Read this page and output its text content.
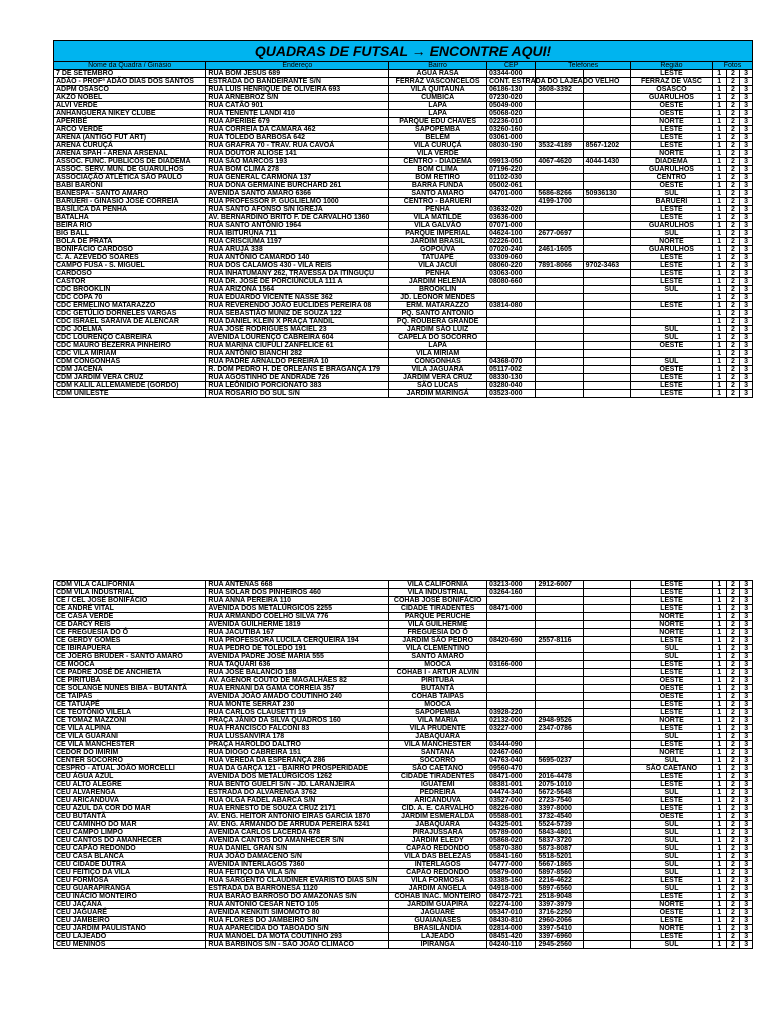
QUADRAS DE FUTSAL → ENCONTRE AQUI!									
Nome da Quadra / Ginásio	Endereço	Bairro	CEP	Telefones		Região	Fotos		
7 DE SETEMBRO	RUA BOM JESUS 689	AGUA RASA	03344-000			LESTE	1	2	3
ADÃO - PROFª ADÃO DIAS DOS SANTOS	ESTRADA DO BANDEIRANTE S/N	FERRAZ VASCONCELOS	CONT. ESTRADA DO LAJEADO VELHO			FERRAZ DE VASC	1	2	3
ADPM OSASCO	RUA LUIS HENRIQUE DE OLIVEIRA 693	VILA QUITAUNA	06186-130	3608-3392		OSASCO	1	2	3
AKZO NOBEL	RUA ARNEBROZ S/N	CUMBICA	07230-020			GUARULHOS	1	2	3
ALVI VERDE	RUA CATÃO 901	LAPA	05049-000			OESTE	1	2	3
ANHANGUERA NIKEY CLUBE	RUA TENENTE LANDI 410	LAPA	05068-020			OESTE	1	2	3
APERIBÉ	RUA APERIBÉ 679	PARQUE EDU CHAVES	02236-010			NORTE	1	2	3
ARCO VERDE	RUA CORREIA DA CAMARA 462	SAPOPEMBA	03260-160			LESTE	1	2	3
ARENA (ANTIGO FUT ART)	RUA TOLEDO BARBOSA 642	BELÉM	03061-000			LESTE	1	2	3
ARENA CURUÇÁ	RUA GRAFRA 70 - TRAV. RUA CAVOÁ	VILA CURUÇÁ	08030-190	3532-4189	8567-1202	LESTE	1	2	3
ARENA SPAH - ARENA ARSENAL	RUA DOUTOR ALIOSE 141	VILA VERDE				NORTE	1	2	3
ASSOC. FUNC. PUBLICOS DE DIADEMA	RUA SÃO MARCOS 193	CENTRO - DIADEMA	09913-050	4067-4620	4044-1430	DIADEMA	1	2	3
ASSOC. SERV. MUN. DE GUARULHOS	RUA BOM CLIMA 278	BOM CLIMA	07196-220			GUARULHOS	1	2	3
ASSOCIAÇÃO ATLÉTICA SÃO PAULO	RUA GENERAL CARMONA 137	BOM RETIRO	01102-030			CENTRO	1	2	3
BABI BARONI	RUA DONA GERMAINE BURCHARD 261	BARRA FUNDA	05002-061			OESTE	1	2	3
BANESPA - SANTO AMARO	AVENIDA SANTO AMARO 6366	SANTO AMARO	04701-000	5686-8266	50936130	SUL	1	2	3
BARUERI - GINASIO JOSÉ CORREIA	RUA PROFESSOR P. GUGLIELMO 1000	CENTRO - BARUERI		4199-1700		BARUERI	1	2	3
BASÍLICA DA PENHA	RUA SANTO AFONSO S/N IGREJA	PENHA	03632-020			LESTE	1	2	3
BATALHA	AV. BERNARDINO BRITO F. DE CARVALHO 1360	VILA MATILDE	03636-000			LESTE	1	2	3
BEIRA RIO	RUA SANTO ANTÔNIO 1964	VILA GALVÃO	07071-000			GUARULHOS	1	2	3
BIG BALL	RUA IBITURUNA 711	PARQUE IMPERIAL	04624-100	2677-0697		SUL	1	2	3
BOLA DE PRATA	RUA CRISCIÚMA 1197	JARDIM BRASIL	02226-001			NORTE	1	2	3
BONIFÁCIO CARDOSO	RUA ARUJÁ 338	GOPOÚVA	07020-240	2461-1605		GUARULHOS	1	2	3
C. A. AZEVEDO SOARES	RUA ANTÔNIO CAMARDO 140	TATUAPÉ	03309-060			LESTE	1	2	3
CAMPO FUSA - S. MIGUEL	RUA DOS CALAMOS 430 - VILA REIS	VILA JACUÍ	08060-220	7891-8066	9702-3463	LESTE	1	2	3
CARDOSO	RUA INHATUMANY 262, TRAVESSA DA ITINGUÇU	PENHA	03063-000			LESTE	1	2	3
CASTOR	RUA DR. JOSÉ DE PORCIÚNCULA 111 A	JARDIM HELENA	08080-660			LESTE	1	2	3
CDC BROOKLIN	RUA ARIZONA 1564	BROOKLIN				SUL	1	2	3
CDC COPA 70	RUA EDUARDO VICENTE NASSE 362	JD. LEONOR MENDES					1	2	3
CDC ERMELINO MATARAZZO	RUA REVERENDO JOÃO EUCLIDES PEREIRA 08	ERM. MATARAZZO	03814-080			LESTE	1	2	3
CDC GETÚLIO DORNELES VARGAS	RUA SEBASTIÃO MUNIZ DE SOUZA 122	PQ. SANTO ANTONIO					1	2	3
CDC ISRAEL SARAIVA DE ALENCAR	RUA DANIEL KLEIN X PRAÇA TANDIL	PQ. ROUBERA GRANDE					1	2	3
CDC JOELMA	RUA JOSÉ RODRIGUES MACIEL 23	JARDIM SÃO LUIZ				SUL	1	2	3
CDC LOURENÇO CABREIRA	AVENIDA LOURENÇO CABREIRA 604	CAPELA DO SOCORRO				SUL	1	2	3
CDC MAURO BEZERRA PINHEIRO	RUA MARINA CIUFULI ZANFELICE 61	LAPA				OESTE	1	2	3
CDC VILA MIRIAM	RUA ANTÔNIO BIANCHI 282	VILA MIRIAM					1	2	3
CDM CONGONHAS	RUA PADRE ARNALDO PEREIRA 10	CONGONHAS	04368-070			SUL	1	2	3
CDM JACENA	R. DOM PEDRO H. DE ORLEANS E BRAGANÇA 179	VILA JAGUARA	05117-002			OESTE	1	2	3
CDM JARDIM VERA CRUZ	RUA AGOSTINHO DE ANDRADE 726	JARDIM VERA CRUZ	08330-130			LESTE	1	2	3
CDM KALIL ALLEMAMEDE (GORDO)	RUA LEÔNIDIO PORCIONATO 383	SÃO LUCAS	03280-040			LESTE	1	2	3
CDM UNILESTE	RUA ROSARIO DO SUL S/N	JARDIM MARINGÁ	03523-000			LESTE	1	2	3
CDM VILA CALIFORNIA	RUA ANTENAS 668	VILA CALIFORNIA	03213-000	2912-6007		LESTE	1	2	3
CDM VILA INDUSTRIAL	RUA SOLAR DOS PINHEIROS 460	VILA INDUSTRIAL	03264-160			LESTE	1	2	3
CE / CEL JOSÉ BONIFÁCIO	RUA ANNA PEREIRA 110	COHAB JOSÉ BONIFÁCIO				LESTE	1	2	3
CE ANDRÉ VITAL	AVENIDA DOS METALÚRGICOS 2255	CIDADE TIRADENTES	08471-000			LESTE	1	2	3
CE CASA VERDE	RUA ARMANDO COELHO SILVA 776	PARQUE PERUCHE				NORTE	1	2	3
CE DARCY REIS	AVENIDA GUILHERME 1819	VILA GUILHERME				NORTE	1	2	3
CE FREGUESIA DO Ó	RUA JACUTIBA 167	FREGUESIA DO Ó				NORTE	1	2	3
CE GERDY GOMES	RUA PROFESSORA LUCILA CERQUEIRA 194	JARDIM SÃO PEDRO	08420-690	2557-8116		LESTE	1	2	3
CE IBIRAPUERA	RUA PEDRO DE TOLEDO 191	VILA CLEMENTINO				SUL	1	2	3
CE JOERG BRUDER - SANTO AMARO	AVENIDA PADRE JOSÉ MARIA 555	SANTO AMARO				SUL	1	2	3
CE MOOCA	RUA TAQUARI 636	MOOCA	03166-000			LESTE	1	2	3
CE PADRE JOSÉ DE ANCHIETA	RUA JOSÉ BALANCIO 188	COHAB I - ARTUR ALVIN				LESTE	1	2	3
CE PIRITUBA	AV. AGENOR COUTO DE MAGALHÃES 82	PIRITUBA				OESTE	1	2	3
CE SOLANGE NUNES BIBA - BUTANTÃ	RUA ERNANI DA GAMA CORREIA 357	BUTANTÃ				OESTE	1	2	3
CE TAIPAS	AVENIDA JOÃO AMADO COUTINHO 240	COHAB TAIPAS				OESTE	1	2	3
CE TATUAPÉ	RUA MONTE SERRAT 230	MOOCA				LESTE	1	2	3
CE TEOTÔNIO VILELA	RUA CARLOS CLAUSETTI 19	SAPOPEMBA	03928-220			LESTE	1	2	3
CE TOMAZ MAZZONI	PRAÇA JÂNIO DA SILVA QUADROS 160	VILA MARIA	02132-000	2948-9526		NORTE	1	2	3
CE VILA ALPINA	RUA FRANCISCO FALCONI 83	VILA PRUDENTE	03227-000	2347-0786		LESTE	1	2	3
CE VILA GUARANI	RUA LUSSANVIRA 178	JABAQUARA				SUL	1	2	3
CE VILA MANCHESTER	PRAÇA HAROLDO DALTRO	VILA MANCHESTER	03444-090			LESTE	1	2	3
CEDOR DO IMIRIM	RUA DIOGO CABREIRA 151	SANTANA	02467-060			NORTE	1	2	3
CENTER SOCORRO	RUA VEREDA DA ESPERANÇA 286	SOCORRO	04763-040	5695-0237		SUL	1	2	3
CESPRO - ATUAL JOÃO MORCELLI	RUA DA GARÇA 121 - BAIRRO PROSPERIDADE	SÃO CAETANO	09560-470			SÃO CAETANO	1	2	3
CEU ÁGUA AZUL	AVENIDA DOS METALÚRGICOS 1262	CIDADE TIRADENTES	08471-000	2016-4478		LESTE	1	2	3
CEU ALTO ALEGRE	RUA BENTO GUELFI S/N - JD. LARANJEIRA	IGUATEMI	08381-001	2075-1010		LESTE	1	2	3
CEU ALVARENGA	ESTRADA DO ALVARENGA 3762	PEDREIRA	04474-340	5672-5648		SUL	1	2	3
CEU ARICANDUVA	RUA OLGA FADEL ABARCA S/N	ARICANDUVA	03527-000	2723-7540		LESTE	1	2	3
CEU AZUL DA COR DO MAR	RUA ERNESTO DE SOUZA CRUZ 2171	CID. A. E. CARVALHO	08226-080	3397-8000		LESTE	1	2	3
CEU BUTANTÃ	AV. ENG. HEITOR ANTONIO EIRAS GARCIA 1870	JARDIM ESMERALDA	05588-001	3732-4540		OESTE	1	2	3
CEU CAMINHO DO MAR	AV. ENG. ARMANDO DE ARRUDA PEREIRA 5241	JABAQUARA	04325-001	5524-5739		SUL	1	2	3
CEU CAMPO LIMPO	AVENIDA CARLOS LACERDA 678	PIRAJUSSARA	05789-000	5843-4801		SUL	1	2	3
CEU CANTOS DO AMANHECER	AVENIDA CANTOS DO AMANHECER S/N	JARDIM ELEDY	05868-020	5837-3720		SUL	1	2	3
CEU CAPÃO REDONDO	RUA DANIEL GRAN S/N	CAPÃO REDONDO	05870-380	5873-8087		SUL	1	2	3
CEU CASA BLANCA	RUA JOÃO DAMACENO S/N	VILA DAS BELEZAS	05841-160	5518-5201		SUL	1	2	3
CEU CIDADE DUTRA	AVENIDA INTERLAGOS 7360	INTERLAGOS	04777-000	5667-1865		SUL	1	2	3
CEU FEITIÇO DA VILA	RUA FEITIÇO DA VILA S/N	CAPÃO REDONDO	05879-000	5897-8560		SUL	1	2	3
CEU FORMOSA	RUA SARGENTO CLAUDINER EVARISTO DIAS S/N	VILA FORMOSA	03385-160	2216-4622		LESTE	1	2	3
CEU GUARAPIRANGA	ESTRADA DA BARRONESA 1120	JARDIM ANGELA	04918-000	5897-6560		SUL	1	2	3
CEU INÁCIO MONTEIRO	RUA BARÃO BARROSO DO AMAZONAS S/N	COHAB INAC. MONTEIRO	08472-721	2518-9048		LESTE	1	2	3
CEU JAÇANA	RUA ANTONIO CESAR NETO 105	JARDIM GUAPIRA	02274-100	3397-3979		NORTE	1	2	3
CEU JAGUARÉ	AVENIDA KENKITI SIMOMOTO 80	JAGUARÉ	05347-010	3716-2250		OESTE	1	2	3
CEU JAMBEIRO	RUA FLORES DO JAMBEIRO S/N	GUAIANASES	08430-810	2960-2066		LESTE	1	2	3
CEU JARDIM PAULISTANO	RUA APARECIDA DO TABOADO S/N	BRASILÂNDIA	02814-000	3397-5410		NORTE	1	2	3
CEU LAJEADO	RUA MANOEL DA MOTA COUTINHO 293	LAJEADO	08451-420	3397-6960		LESTE	1	2	3
CEU MENINOS	RUA BARBINOS S/N - SÃO JOÃO CLIMACO	IPIRANGA	04240-110	2945-2560		SUL	1	2	3
